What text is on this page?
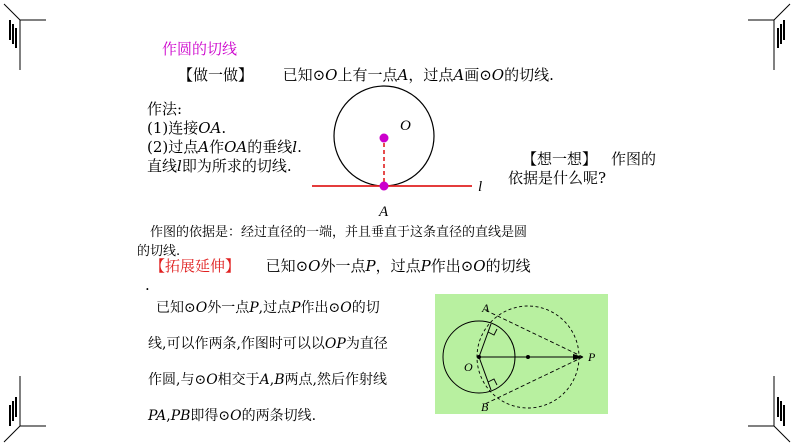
作圆的切线
【做一做】 已知⊙O上有一点A，过点A画⊙O的切线.
作法:
(1)连接OA.
(2)过点A作OA的垂线l.
直线l即为所求的切线.
O
A
l
【想一想】 作图的
依据是什么呢?
作图的依据是：经过直径的一端，并且垂直于这条直径的直线是圆
的切线.
【拓展延伸】 已知⊙O外一点P，过点P作出⊙O的切线
.
已知⊙O外一点P,过点P作出⊙O的切
线,可以作两条,作图时可以以OP为直径
作圆,与⊙O相交于A,B两点,然后作射线
PA,PB即得⊙O的两条切线.
A
B
O
P
